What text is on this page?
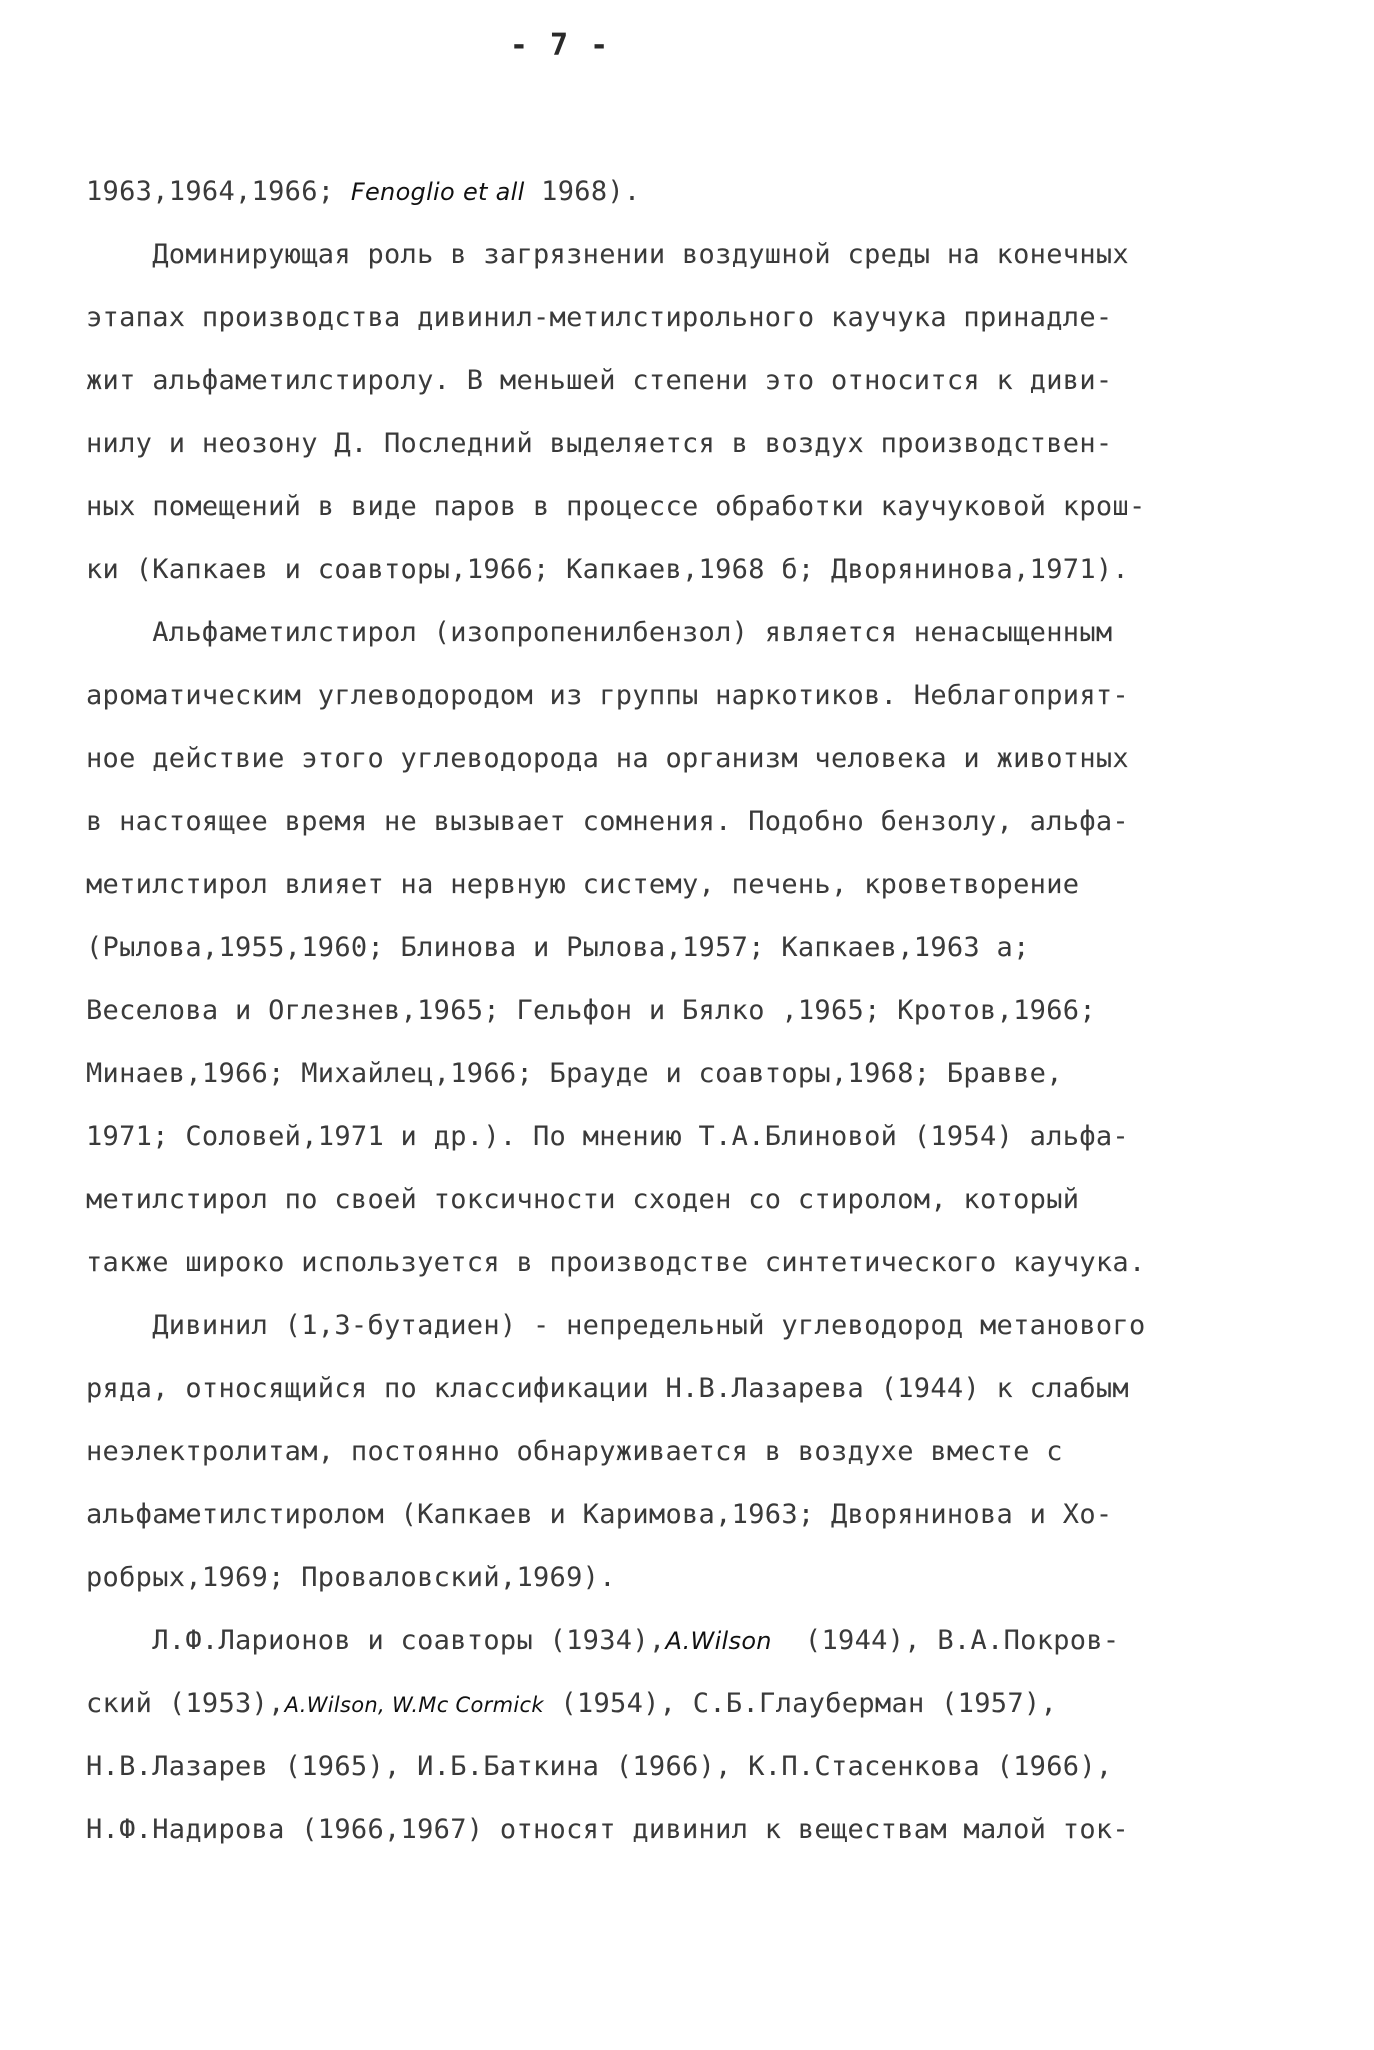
- 7 -
1963,1964,1966; Fenoglio et all 1968).
Доминирующая роль в загрязнении воздушной среды на конечных
этапах производства дивинил-метилстирольного каучука принадле-
жит альфаметилстиролу. В меньшей степени это относится к диви-
нилу и неозону Д. Последний выделяется в воздух производствен-
ных помещений в виде паров в процессе обработки каучуковой крош-
ки (Капкаев и соавторы,1966; Капкаев,1968 б; Дворянинова,1971).
Альфаметилстирол (изопропенилбензол) является ненасыщенным
ароматическим углеводородом из группы наркотиков. Неблагоприят-
ное действие этого углеводорода на организм человека и животных
в настоящее время не вызывает сомнения. Подобно бензолу, альфа-
метилстирол влияет на нервную систему, печень, кроветворение
(Рылова,1955,1960; Блинова и Рылова,1957; Капкаев,1963 а;
Веселова и Оглезнев,1965; Гельфон и Бялко ,1965; Кротов,1966;
Минаев,1966; Михайлец,1966; Брауде и соавторы,1968; Бравве,
1971; Соловей,1971 и др.). По мнению Т.А.Блиновой (1954) альфа-
метилстирол по своей токсичности сходен со стиролом, который
также широко используется в производстве синтетического каучука.
Дивинил (1,3-бутадиен) - непредельный углеводород метанового
ряда, относящийся по классификации Н.В.Лазарева (1944) к слабым
неэлектролитам, постоянно обнаруживается в воздухе вместе с
альфаметилстиролом (Капкаев и Каримова,1963; Дворянинова и Хо-
робрых,1969; Проваловский,1969).
Л.Ф.Ларионов и соавторы (1934),A.Wilson  (1944), В.А.Покров-
ский (1953),A.Wilson, W.Mc Cormick (1954), С.Б.Глауберман (1957),
Н.В.Лазарев (1965), И.Б.Баткина (1966), К.П.Стасенкова (1966),
Н.Ф.Надирова (1966,1967) относят дивинил к веществам малой ток-
